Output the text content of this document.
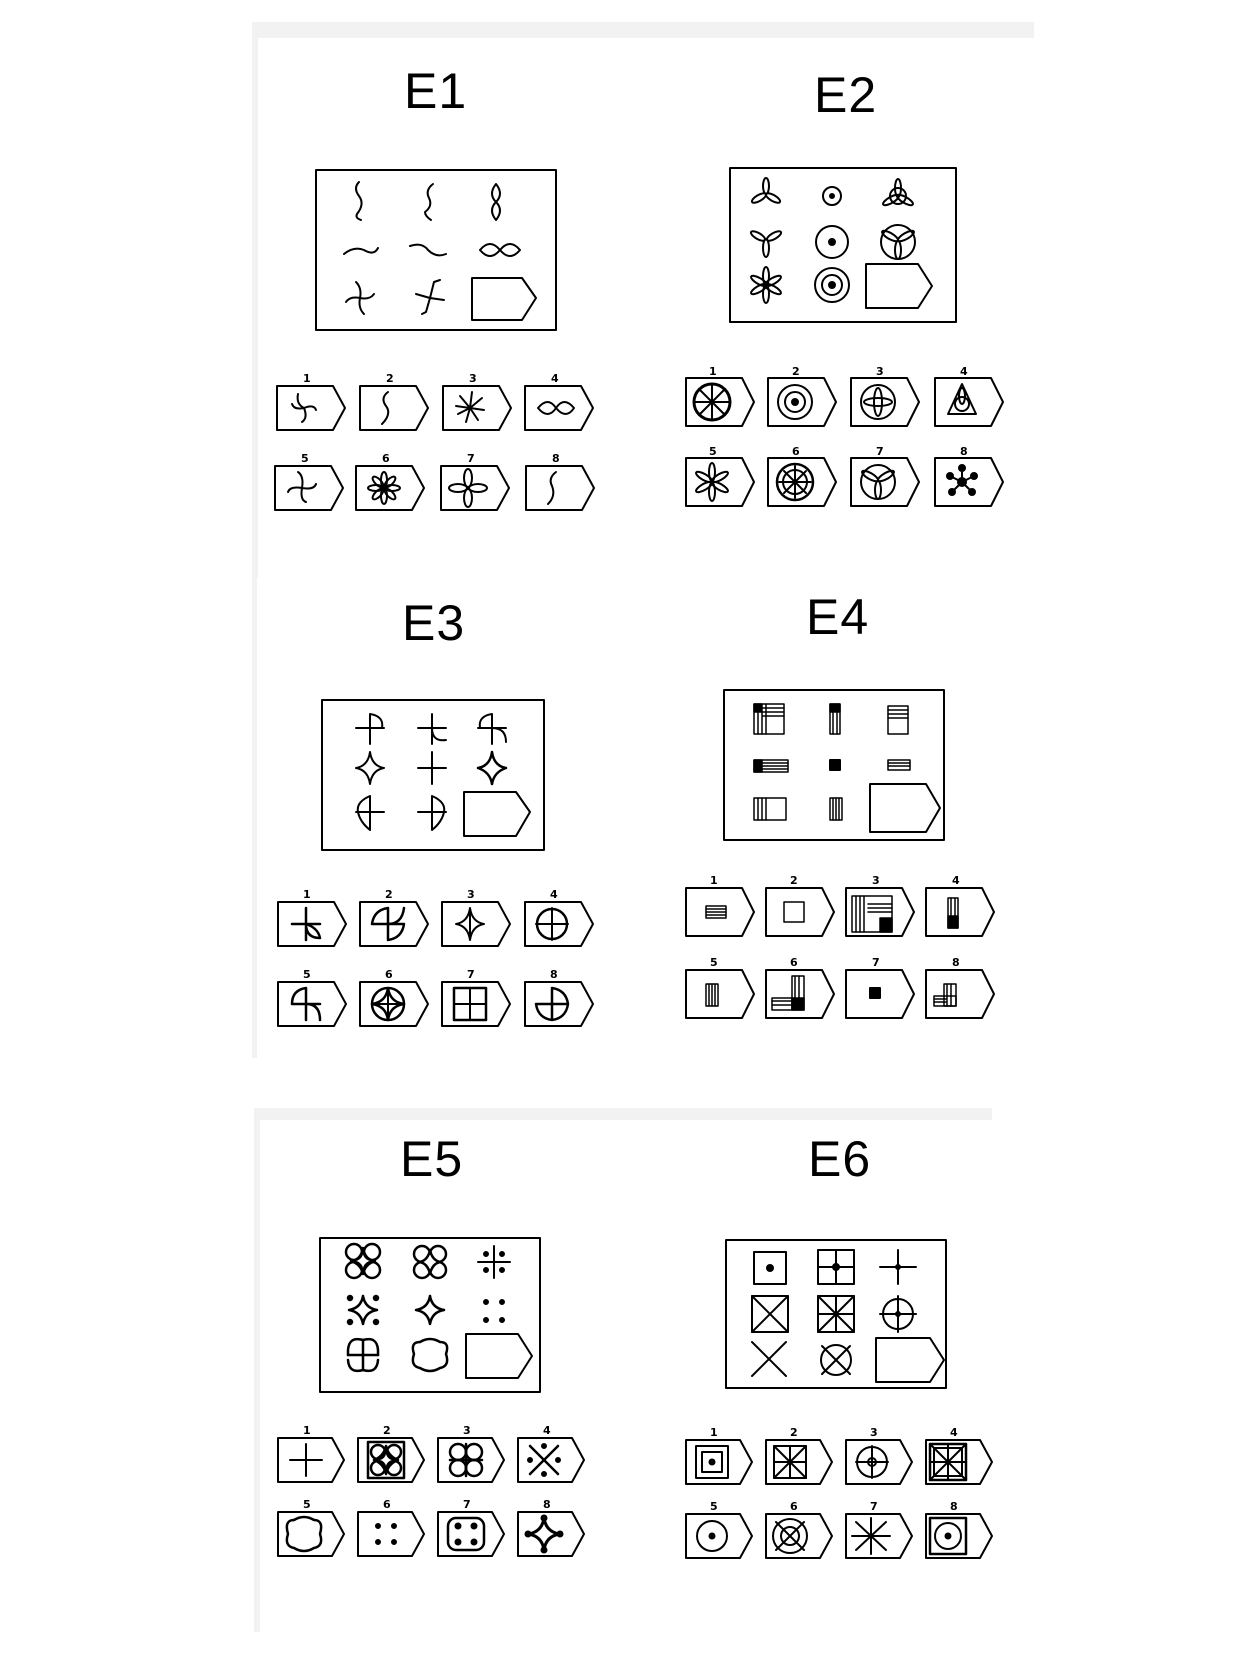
E1	E2
E3	E4
E5	E6
1	2	3	4
5	6	7	8
1	2	3	4
5	6	7	8
1	2	3	4
5	6	7	8
1	2	3	4
5	6	7	8
1	2	3	4
5	6	7	8
1	2	3	4
5	6	7	8
